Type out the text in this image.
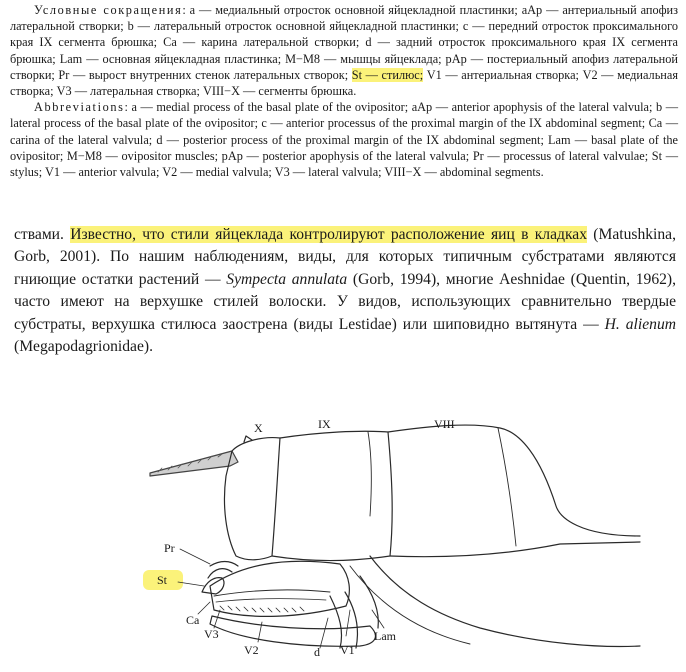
Условные сокращения: а — медиальный отросток основной яйцекладной пластинки; aAp — антериальный апофиз латеральной створки; b — латеральный отросток основной яйцекладной пластинки; с — передний отросток проксимального края IX сегмента брюшка; Ca — карина латеральной створки; d — задний отросток проксимального края IX сегмента брюшка; Lam — основная яйцекладная пластинка; M−M8 — мышцы яйцеклада; pAp — постериальный апофиз латеральной створки; Pr — вырост внутренних стенок латеральных створок; St — стилюс; V1 — антериальная створка; V2 — медиальная створка; V3 — латеральная створка; VIII−X — сегменты брюшка.

Abbreviations: a — medial process of the basal plate of the ovipositor; aAp — anterior apophysis of the lateral valvula; b — lateral process of the basal plate of the ovipositor; c — anterior processus of the proximal margin of the IX abdominal segment; Ca — carina of the lateral valvula; d — posterior process of the proximal margin of the IX abdominal segment; Lam — basal plate of the ovipositor; M−M8 — ovipositor muscles; pAp — posterior apophysis of the lateral valvula; Pr — processus of lateral valvulae; St — stylus; V1 — anterior valvula; V2 — medial valvula; V3 — lateral valvula; VIII−X — abdominal segments.

ствами. Известно, что стили яйцеклада контролируют расположение яиц в кладках (Matushkina, Gorb, 2001). По нашим наблюдениям, виды, для которых типичным субстратами являются гниющие остатки растений — Sympecta annulata (Gorb, 1994), многие Aeshnidae (Quentin, 1962), часто имеют на верхушке стилей волоски. У видов, использующих сравнительно твердые субстраты, верхушка стилюса заострена (виды Lestidae) или шиповидно вытянута — H. alienum (Megapodagrionidae).

X	IX	VIII
Pr
St
Ca
V3
V2	d V1
Lam
